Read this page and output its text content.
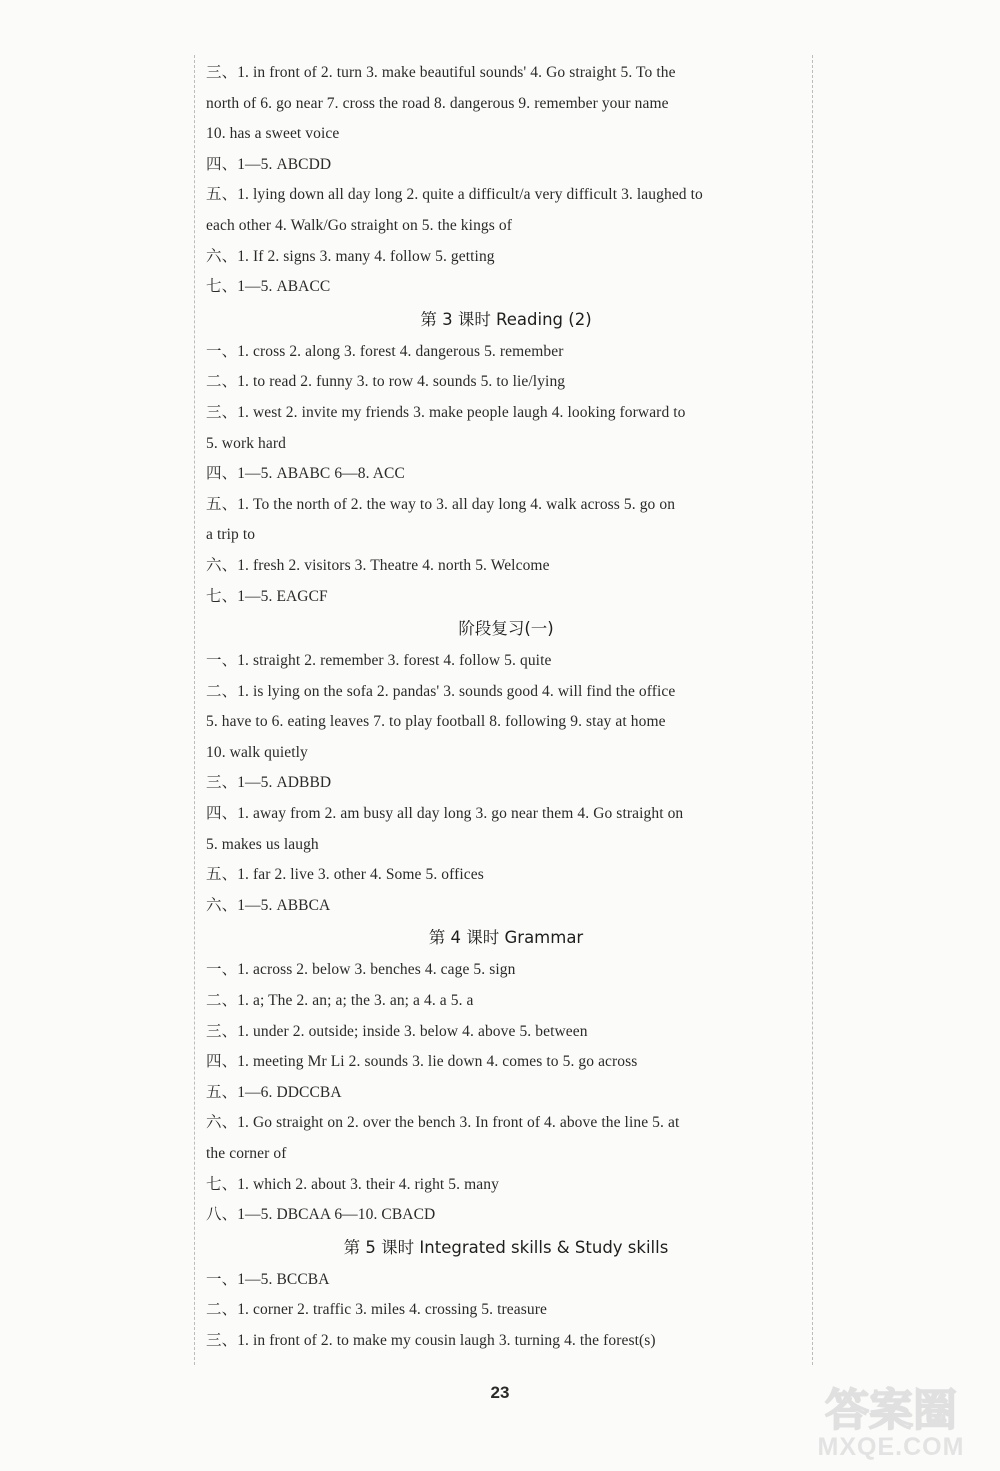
三、1. in front of 2. turn 3. make beautiful sounds' 4. Go straight 5. To the
north of 6. go near 7. cross the road 8. dangerous 9. remember your name
10. has a sweet voice
四、1—5. ABCDD
五、1. lying down all day long 2. quite a difficult/a very difficult 3. laughed to
each other 4. Walk/Go straight on 5. the kings of
六、1. If 2. signs 3. many 4. follow 5. getting
七、1—5. ABACC
第 3 课时 Reading (2)
一、1. cross 2. along 3. forest 4. dangerous 5. remember
二、1. to read 2. funny 3. to row 4. sounds 5. to lie/lying
三、1. west 2. invite my friends 3. make people laugh 4. looking forward to
5. work hard
四、1—5. ABABC 6—8. ACC
五、1. To the north of 2. the way to 3. all day long 4. walk across 5. go on
a trip to
六、1. fresh 2. visitors 3. Theatre 4. north 5. Welcome
七、1—5. EAGCF
阶段复习(一)
一、1. straight 2. remember 3. forest 4. follow 5. quite
二、1. is lying on the sofa 2. pandas' 3. sounds good 4. will find the office
5. have to 6. eating leaves 7. to play football 8. following 9. stay at home
10. walk quietly
三、1—5. ADBBD
四、1. away from 2. am busy all day long 3. go near them 4. Go straight on
5. makes us laugh
五、1. far 2. live 3. other 4. Some 5. offices
六、1—5. ABBCA
第 4 课时 Grammar
一、1. across 2. below 3. benches 4. cage 5. sign
二、1. a; The 2. an; a; the 3. an; a 4. a 5. a
三、1. under 2. outside; inside 3. below 4. above 5. between
四、1. meeting Mr Li 2. sounds 3. lie down 4. comes to 5. go across
五、1—6. DDCCBA
六、1. Go straight on 2. over the bench 3. In front of 4. above the line 5. at
the corner of
七、1. which 2. about 3. their 4. right 5. many
八、1—5. DBCAA 6—10. CBACD
第 5 课时 Integrated skills & Study skills
一、1—5. BCCBA
二、1. corner 2. traffic 3. miles 4. crossing 5. treasure
三、1. in front of 2. to make my cousin laugh 3. turning 4. the forest(s)
23	答案圈
MXQE.COM
